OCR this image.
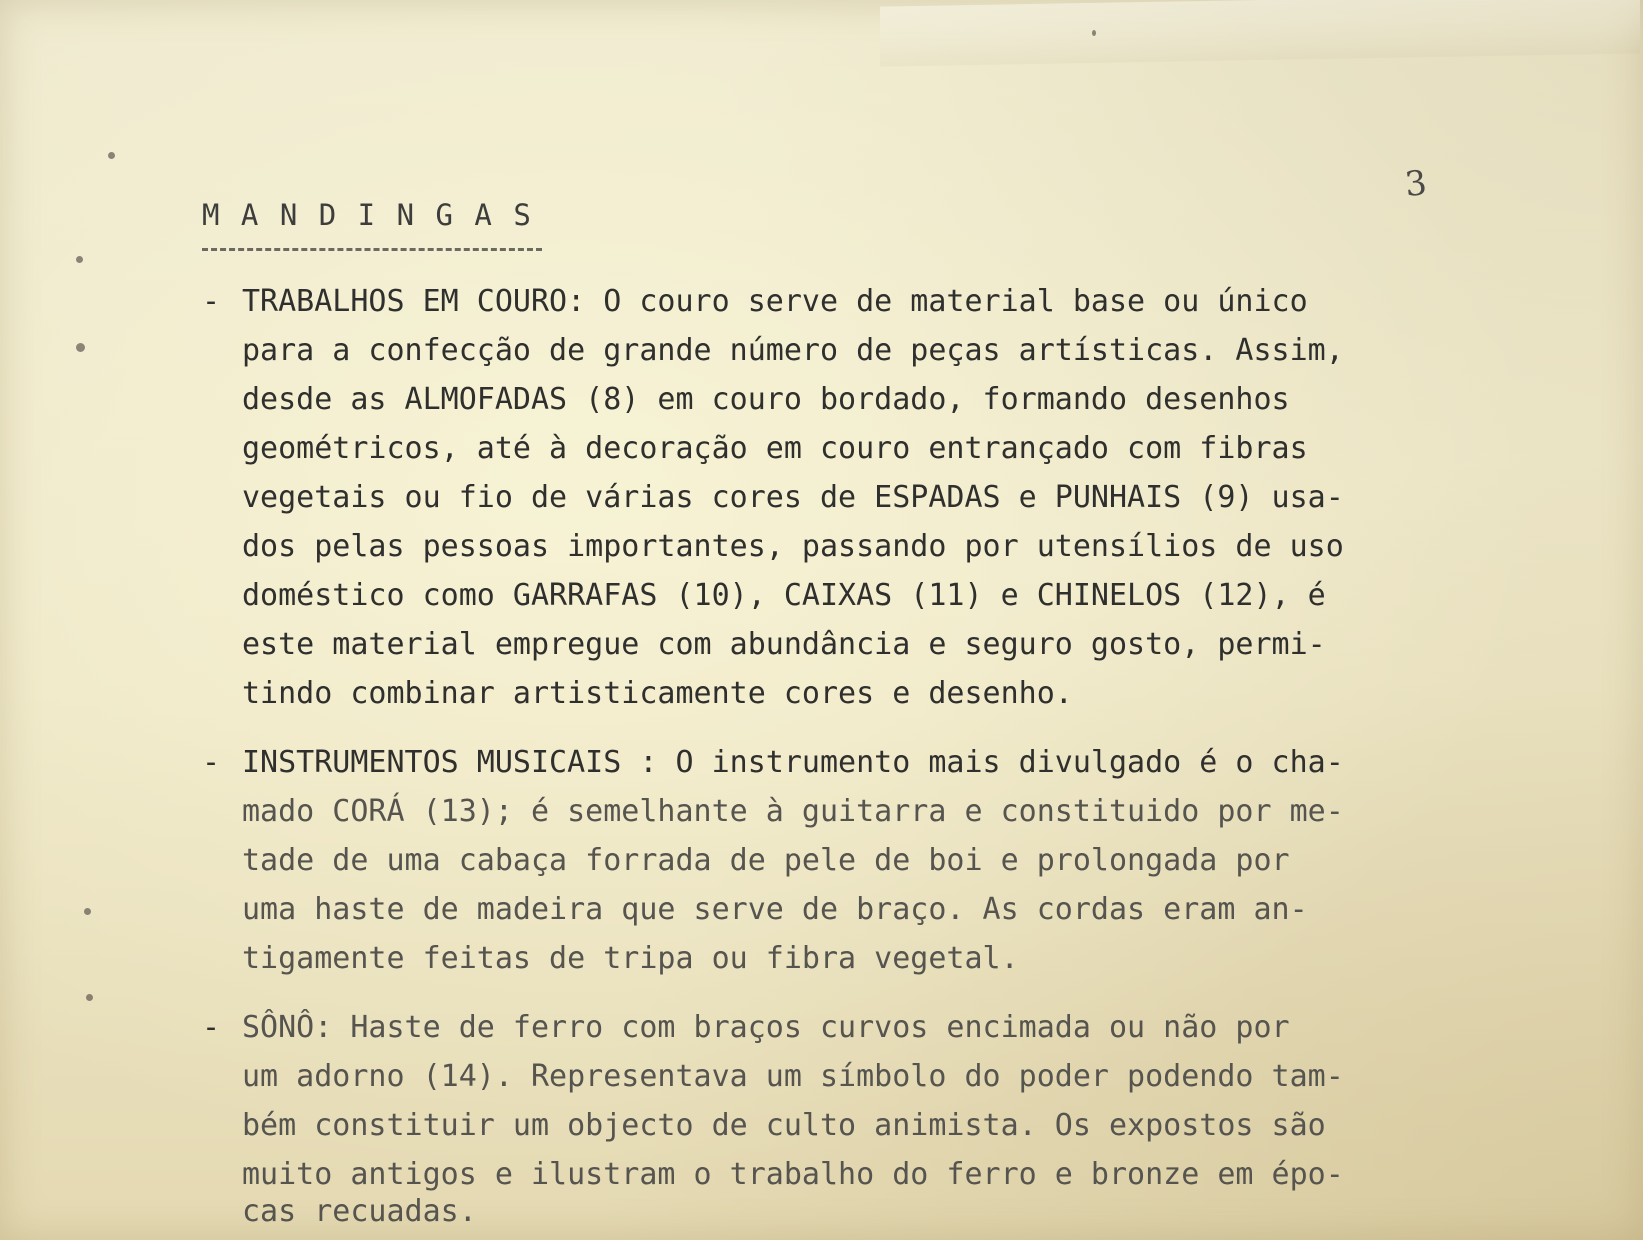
3
M A N D I N G A S
- TRABALHOS EM COURO: O couro serve de material base ou único
para a confecção de grande número de peças artísticas. Assim,
desde as ALMOFADAS (8) em couro bordado, formando desenhos
geométricos, até à decoração em couro entrançado com fibras
vegetais ou fio de várias cores de ESPADAS e PUNHAIS (9) usa-
dos pelas pessoas importantes, passando por utensílios de uso
doméstico como GARRAFAS (10), CAIXAS (11) e CHINELOS (12), é
este material empregue com abundância e seguro gosto, permi-
tindo combinar artisticamente cores e desenho.
- INSTRUMENTOS MUSICAIS : O instrumento mais divulgado é o cha-
mado CORÁ (13); é semelhante à guitarra e constituido por me-
tade de uma cabaça forrada de pele de boi e prolongada por
uma haste de madeira que serve de braço. As cordas eram an-
tigamente feitas de tripa ou fibra vegetal.
- SÔNÔ: Haste de ferro com braços curvos encimada ou não por
um adorno (14). Representava um símbolo do poder podendo tam-
bém constituir um objecto de culto animista. Os expostos são
muito antigos e ilustram o trabalho do ferro e bronze em épo-
cas recuadas.
